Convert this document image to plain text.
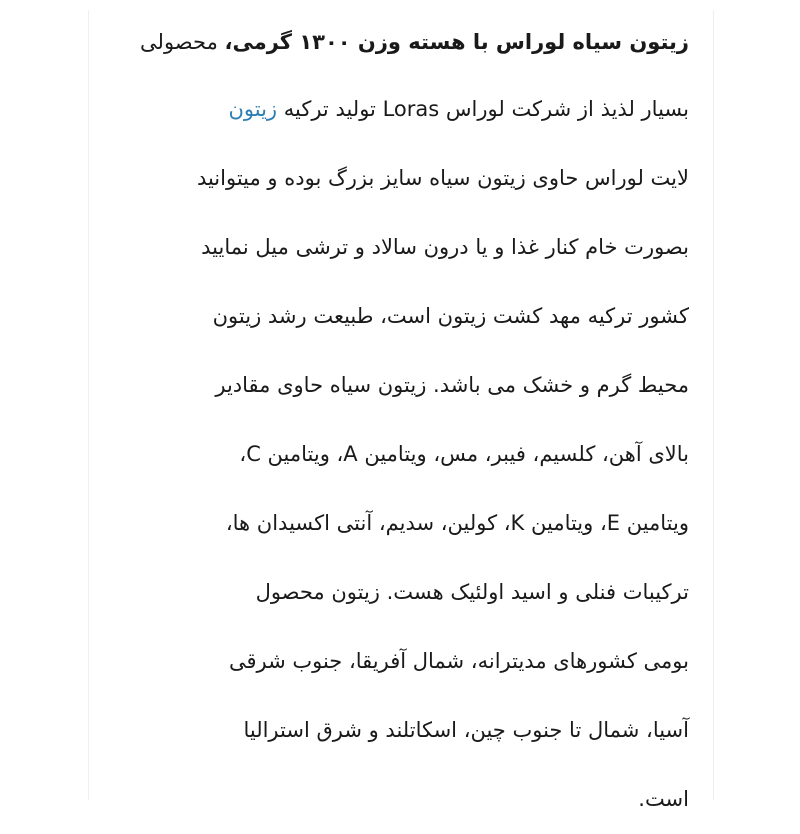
زیتون سیاه لوراس با هسته وزن ۱۳۰۰ گرمی، محصولی
بسیار لذیذ از شرکت لوراس Loras تولید ترکیه زیتون
لایت لوراس حاوی زیتون سیاه سایز بزرگ بوده و میتوانید
بصورت خام کنار غذا و یا درون سالاد و ترشی میل نمایید
کشور ترکیه مهد کشت زیتون است، طبیعت رشد زیتون
محیط گرم و خشک می باشد. زیتون سیاه حاوی مقادیر
بالای آهن، کلسیم، فیبر، مس، ویتامین A، ویتامین C،
ویتامین E، ویتامین K، کولین، سدیم، آنتی اکسیدان ها،
ترکیبات فنلی و اسید اولئیک هست. زیتون محصول
بومی کشورهای مدیترانه، شمال آفریقا، جنوب شرقی
آسیا، شمال تا جنوب چین، اسکاتلند و شرق استرالیا
است.
